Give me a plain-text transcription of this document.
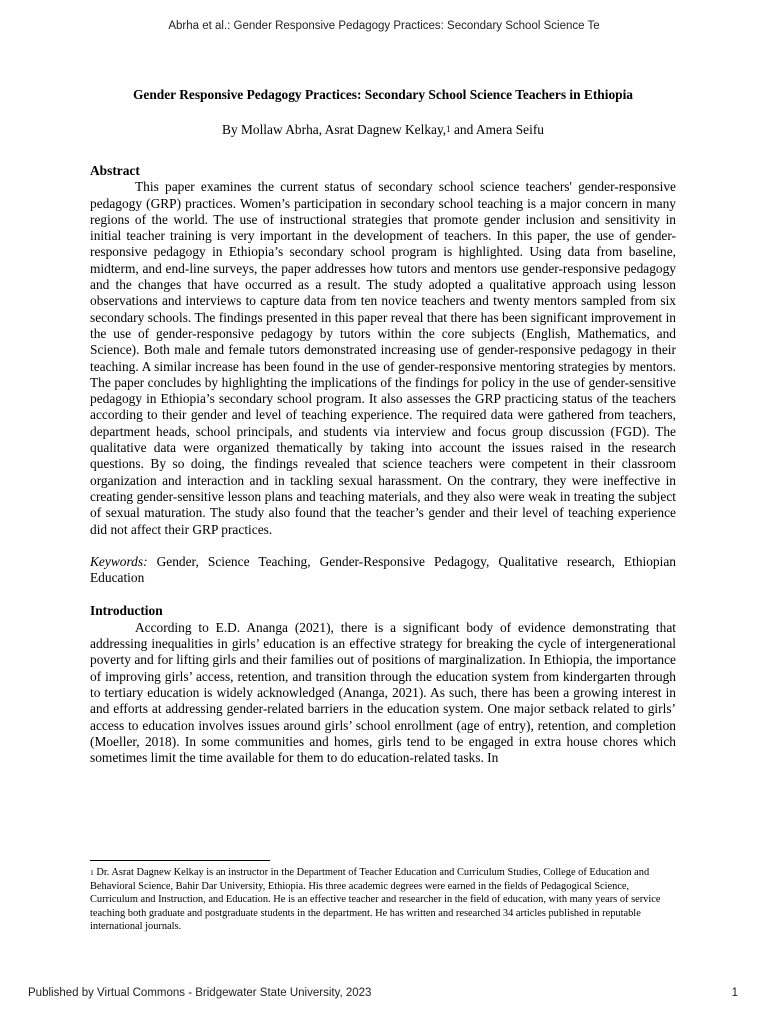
Abrha et al.: Gender Responsive Pedagogy Practices: Secondary School Science Te
Gender Responsive Pedagogy Practices: Secondary School Science Teachers in Ethiopia

By Mollaw Abrha, Asrat Dagnew Kelkay,$^1$ and Amera Seifu

Abstract

This paper examines the current status of secondary school science teachers' gender-responsive pedagogy (GRP) practices. Women’s participation in secondary school teaching is a major concern in many regions of the world. The use of instructional strategies that promote gender inclusion and sensitivity in initial teacher training is very important in the development of teachers. In this paper, the use of gender-responsive pedagogy in Ethiopia’s secondary school program is highlighted. Using data from baseline, midterm, and end-line surveys, the paper addresses how tutors and mentors use gender-responsive pedagogy and the changes that have occurred as a result. The study adopted a qualitative approach using lesson observations and interviews to capture data from ten novice teachers and twenty mentors sampled from six secondary schools. The findings presented in this paper reveal that there has been significant improvement in the use of gender-responsive pedagogy by tutors within the core subjects (English, Mathematics, and Science). Both male and female tutors demonstrated increasing use of gender-responsive pedagogy in their teaching. A similar increase has been found in the use of gender-responsive mentoring strategies by mentors. The paper concludes by highlighting the implications of the findings for policy in the use of gender-sensitive pedagogy in Ethiopia’s secondary school program. It also assesses the GRP practicing status of the teachers according to their gender and level of teaching experience. The required data were gathered from teachers, department heads, school principals, and students via interview and focus group discussion (FGD). The qualitative data were organized thematically by taking into account the issues raised in the research questions. By so doing, the findings revealed that science teachers were competent in their classroom organization and interaction and in tackling sexual harassment. On the contrary, they were ineffective in creating gender-sensitive lesson plans and teaching materials, and they also were weak in treating the subject of sexual maturation. The study also found that the teacher’s gender and their level of teaching experience did not affect their GRP practices.

Keywords: Gender, Science Teaching, Gender-Responsive Pedagogy, Qualitative research, Ethiopian Education

Introduction

According to E.D. Ananga (2021), there is a significant body of evidence demonstrating that addressing inequalities in girls’ education is an effective strategy for breaking the cycle of intergenerational poverty and for lifting girls and their families out of positions of marginalization. In Ethiopia, the importance of improving girls’ access, retention, and transition through the education system from kindergarten through to tertiary education is widely acknowledged (Ananga, 2021). As such, there has been a growing interest in and efforts at addressing gender-related barriers in the education system. One major setback related to girls’ access to education involves issues around girls’ school enrollment (age of entry), retention, and completion (Moeller, 2018). In some communities and homes, girls tend to be engaged in extra house chores which sometimes limit the time available for them to do education-related tasks. In

$^1$ Dr. Asrat Dagnew Kelkay is an instructor in the Department of Teacher Education and Curriculum Studies, College of Education and Behavioral Science, Bahir Dar University, Ethiopia. His three academic degrees were earned in the fields of Pedagogical Science, Curriculum and Instruction, and Education. He is an effective teacher and researcher in the field of education, with many years of service teaching both graduate and postgraduate students in the department. He has written and researched 34 articles published in reputable international journals.

Published by Virtual Commons - Bridgewater State University, 2023	1
